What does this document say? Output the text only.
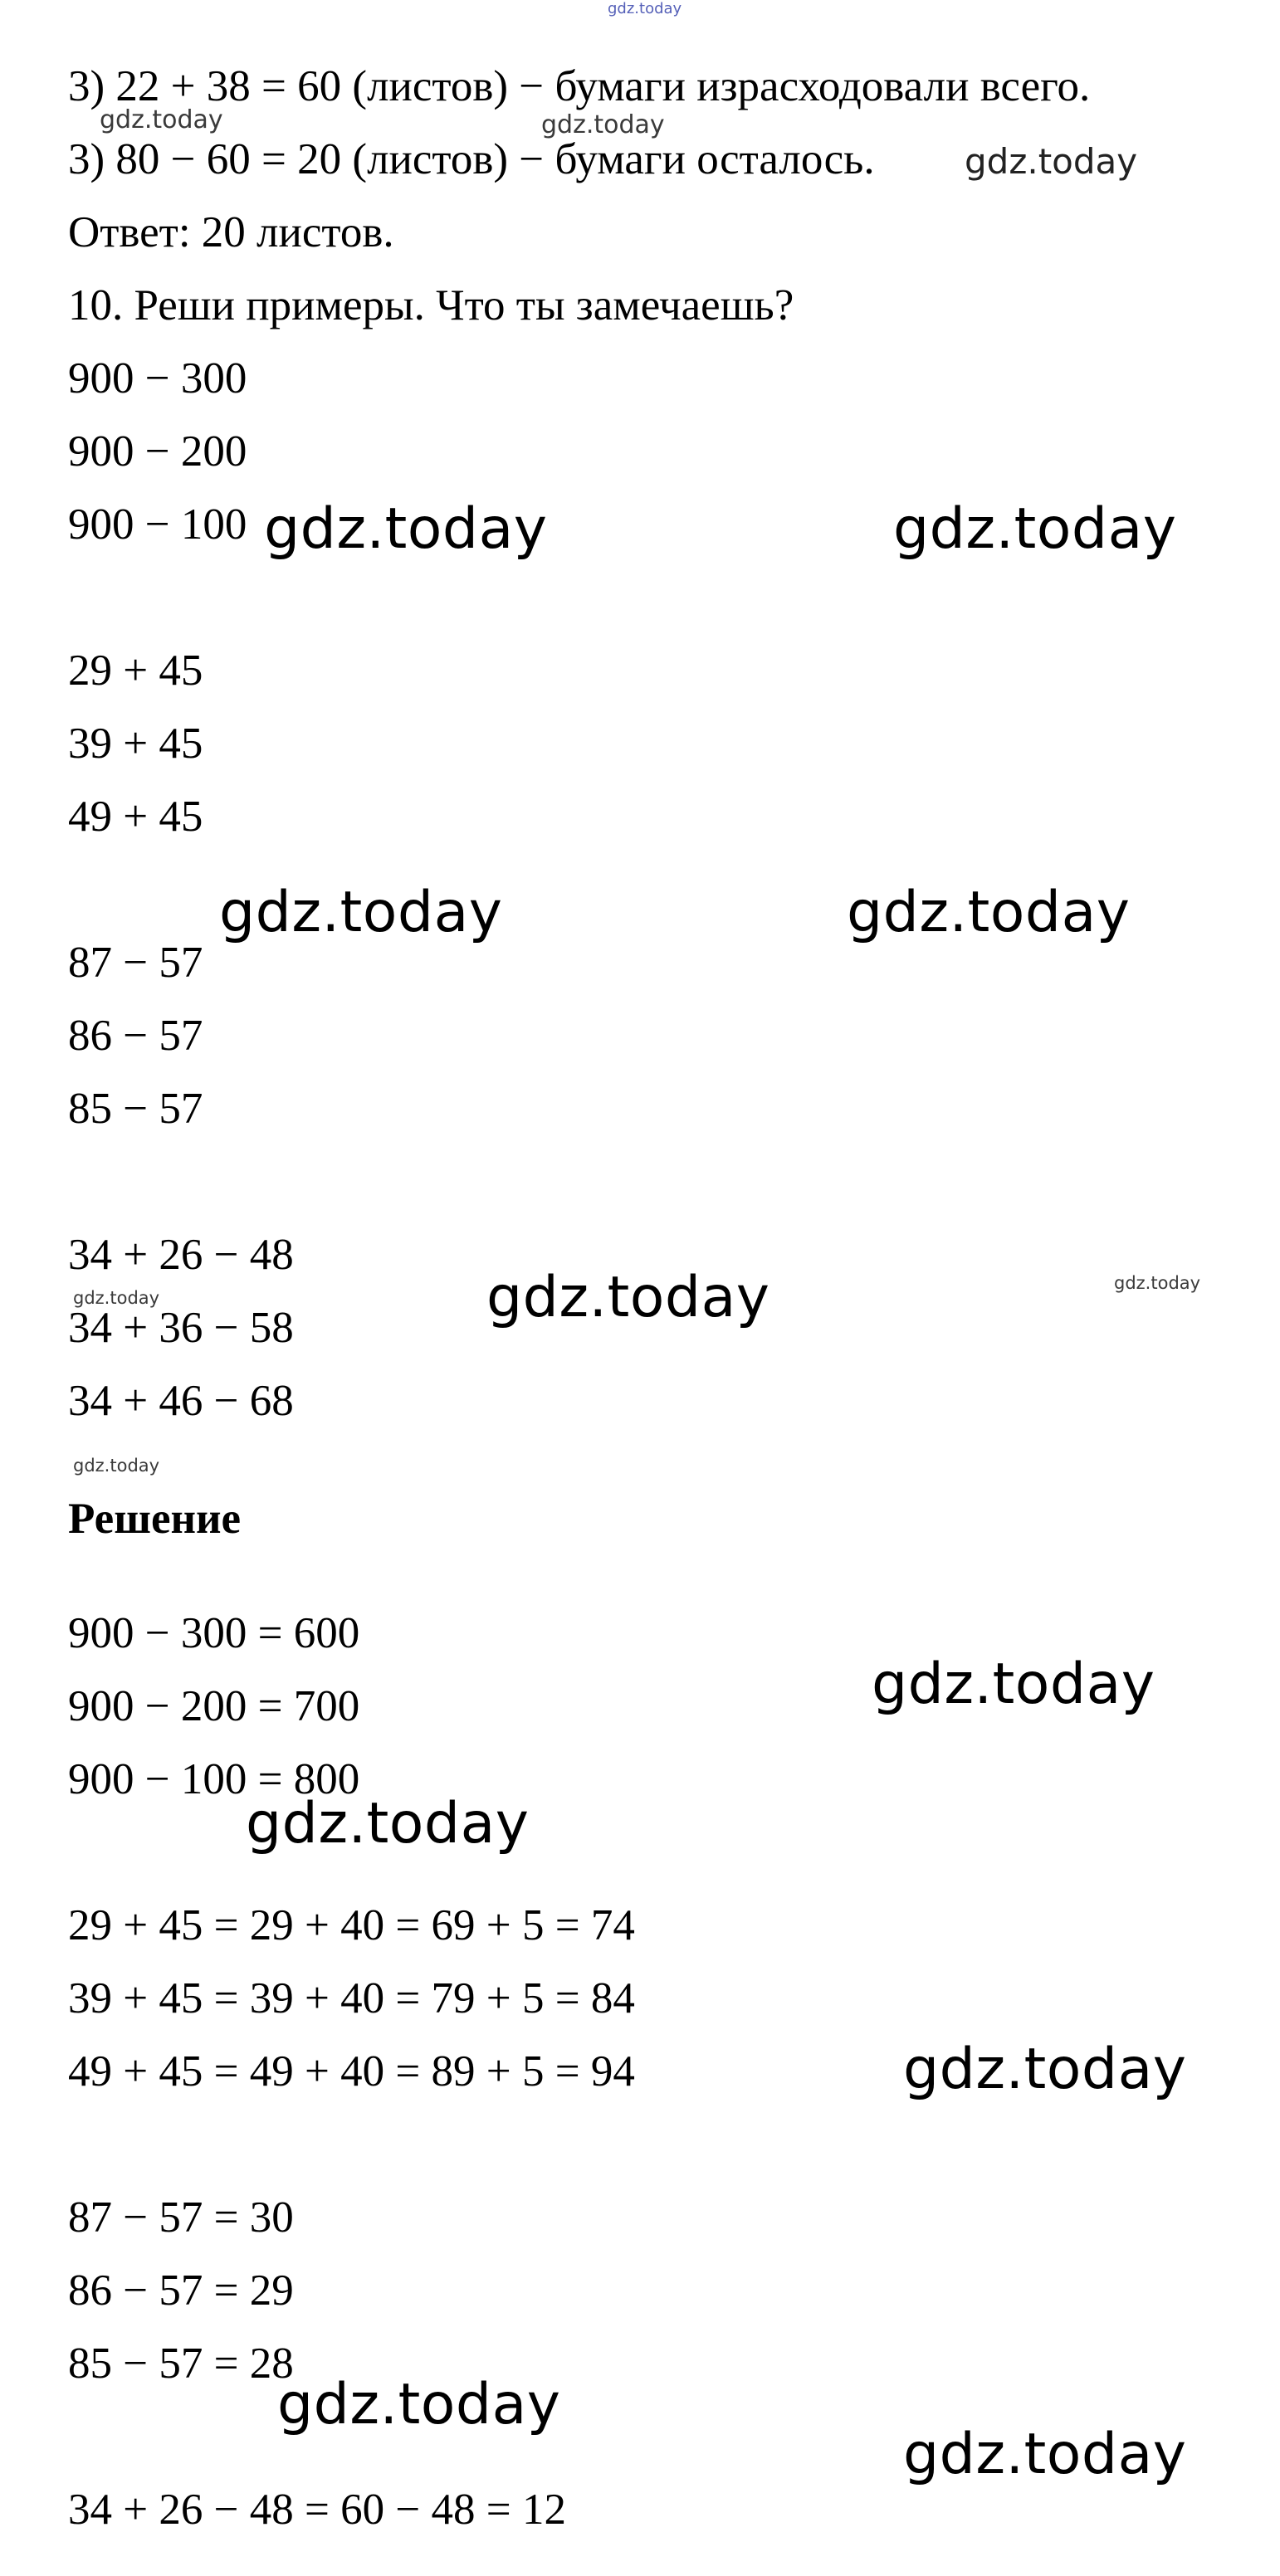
gdz.today
3) 22 + 38 = 60 (листов) − бумаги израсходовали всего.
3) 80 − 60 = 20 (листов) − бумаги осталось.
Ответ: 20 листов.
10. Реши примеры. Что ты замечаешь?
900 − 300
900 − 200
900 − 100
29 + 45
39 + 45
49 + 45
87 − 57
86 − 57
85 − 57
34 + 26 − 48
34 + 36 − 58
34 + 46 − 68
Решение
900 − 300 = 600
900 − 200 = 700
900 − 100 = 800
29 + 45 = 29 + 40 = 69 + 5 = 74
39 + 45 = 39 + 40 = 79 + 5 = 84
49 + 45 = 49 + 40 = 89 + 5 = 94
87 − 57 = 30
86 − 57 = 29
85 − 57 = 28
34 + 26 − 48 = 60 − 48 = 12
gdz.today	gdz.today
gdz.today
gdz.today	gdz.today
gdz.today	gdz.today
gdz.today	gdz.today	gdz.today
gdz.today
gdz.today
gdz.today
gdz.today
gdz.today
gdz.today
